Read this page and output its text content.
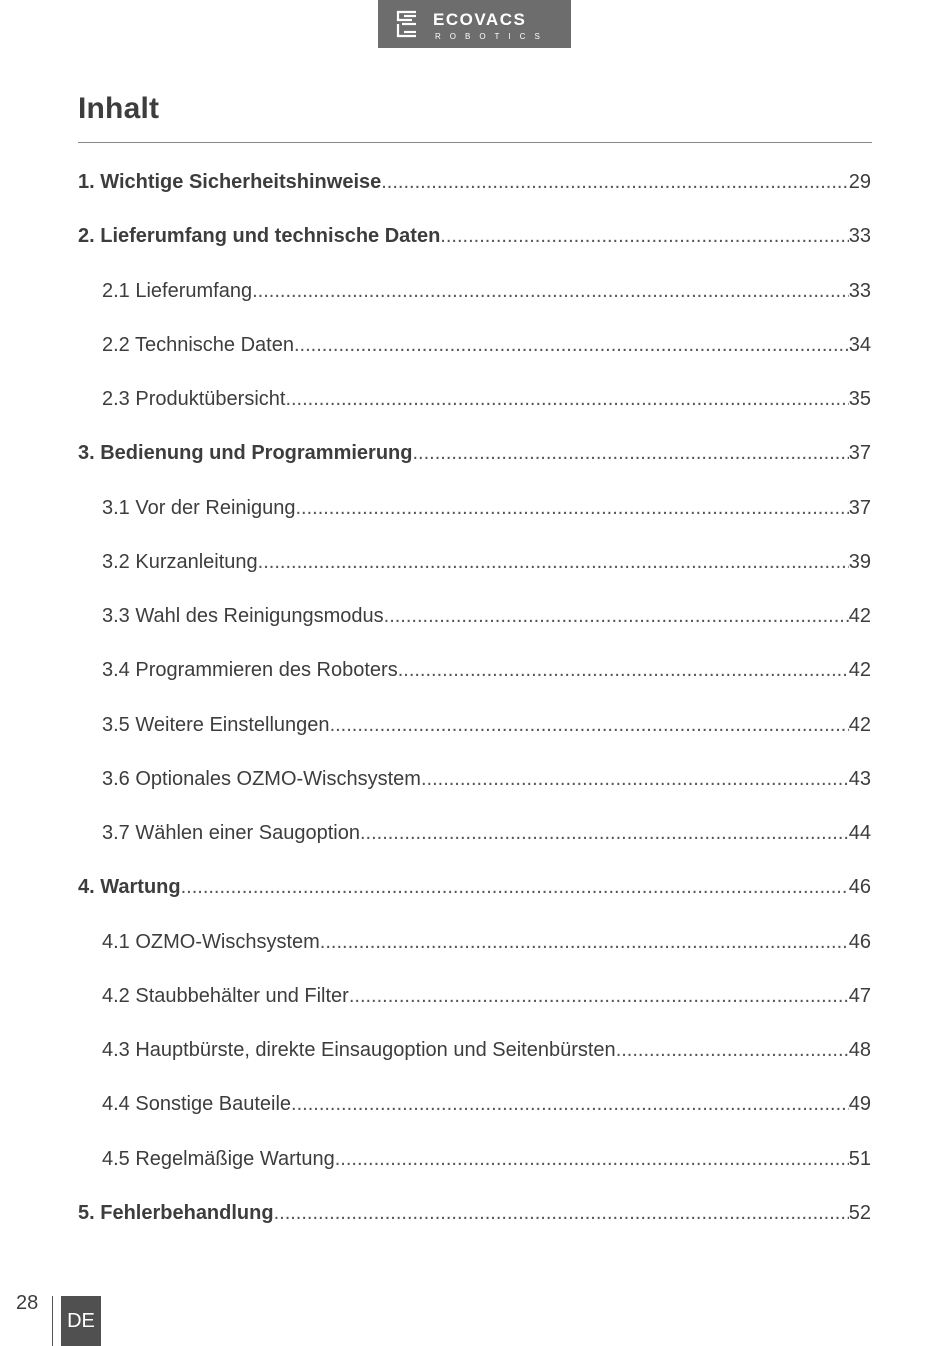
ECOVACS
ROBOTICS
Inhalt
1. Wichtige Sicherheitshinweise .....	29
2. Lieferumfang und technische Daten .....	33
2.1 Lieferumfang .....	33
2.2 Technische Daten .....	34
2.3 Produktübersicht .....	35
3. Bedienung und Programmierung .....	37
3.1 Vor der Reinigung .....	37
3.2 Kurzanleitung .....	39
3.3 Wahl des Reinigungsmodus .....	42
3.4 Programmieren des Roboters .....	42
3.5 Weitere Einstellungen .....	42
3.6 Optionales OZMO-Wischsystem .....	43
3.7 Wählen einer Saugoption .....	44
4. Wartung .....	46
4.1 OZMO-Wischsystem .....	46
4.2 Staubbehälter und Filter .....	47
4.3 Hauptbürste, direkte Einsaugoption und Seitenbürsten .....	48
4.4 Sonstige Bauteile .....	49
4.5 Regelmäßige Wartung .....	51
5. Fehlerbehandlung .....	52
28
DE
